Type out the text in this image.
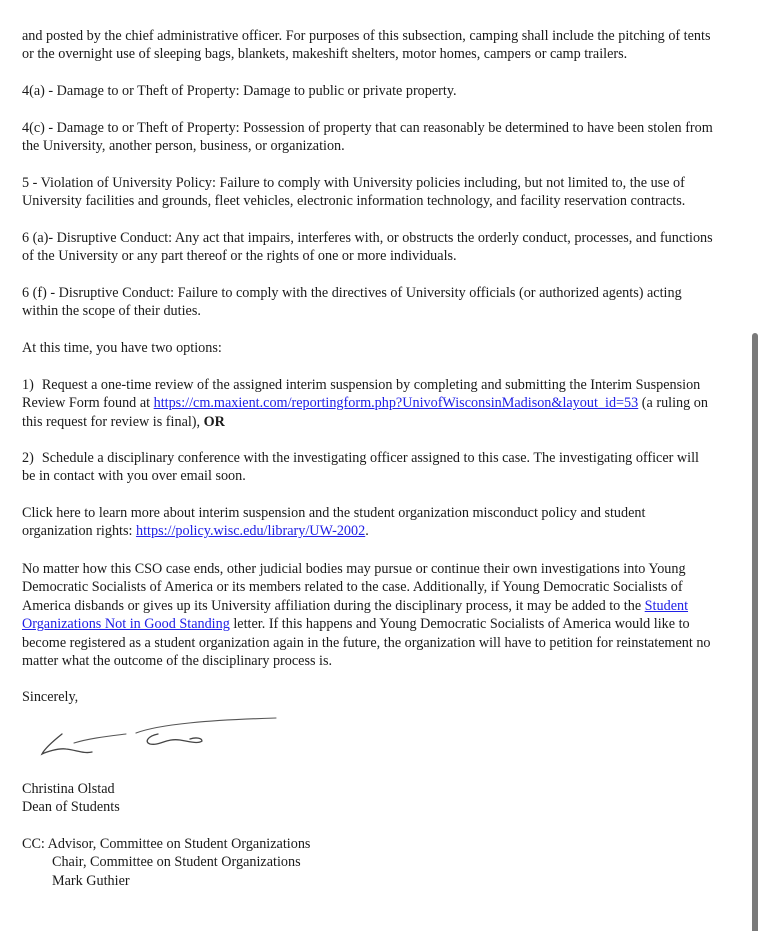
and posted by the chief administrative officer. For purposes of this subsection, camping shall include the pitching of tents
or the overnight use of sleeping bags, blankets, makeshift shelters, motor homes, campers or camp trailers.

4(a) - Damage to or Theft of Property: Damage to public or private property.

4(c) - Damage to or Theft of Property: Possession of property that can reasonably be determined to have been stolen from
the University, another person, business, or organization.

5 - Violation of University Policy: Failure to comply with University policies including, but not limited to, the use of
University facilities and grounds, fleet vehicles, electronic information technology, and facility reservation contracts.

6 (a)- Disruptive Conduct: Any act that impairs, interferes with, or obstructs the orderly conduct, processes, and functions
of the University or any part thereof or the rights of one or more individuals.

6 (f) - Disruptive Conduct: Failure to comply with the directives of University officials (or authorized agents) acting
within the scope of their duties.

At this time, you have two options:

1) Request a one-time review of the assigned interim suspension by completing and submitting the Interim Suspension
Review Form found at https://cm.maxient.com/reportingform.php?UnivofWisconsinMadison&layout_id=53 (a ruling on
this request for review is final), OR

2) Schedule a disciplinary conference with the investigating officer assigned to this case. The investigating officer will
be in contact with you over email soon.

Click here to learn more about interim suspension and the student organization misconduct policy and student
organization rights: https://policy.wisc.edu/library/UW-2002.

No matter how this CSO case ends, other judicial bodies may pursue or continue their own investigations into Young
Democratic Socialists of America or its members related to the case. Additionally, if Young Democratic Socialists of
America disbands or gives up its University affiliation during the disciplinary process, it may be added to the Student
Organizations Not in Good Standing letter. If this happens and Young Democratic Socialists of America would like to
become registered as a student organization again in the future, the organization will have to petition for reinstatement no
matter what the outcome of the disciplinary process is.

Sincerely,

Christina Olstad
Dean of Students

CC: Advisor, Committee on Student Organizations
Chair, Committee on Student Organizations
Mark Guthier
